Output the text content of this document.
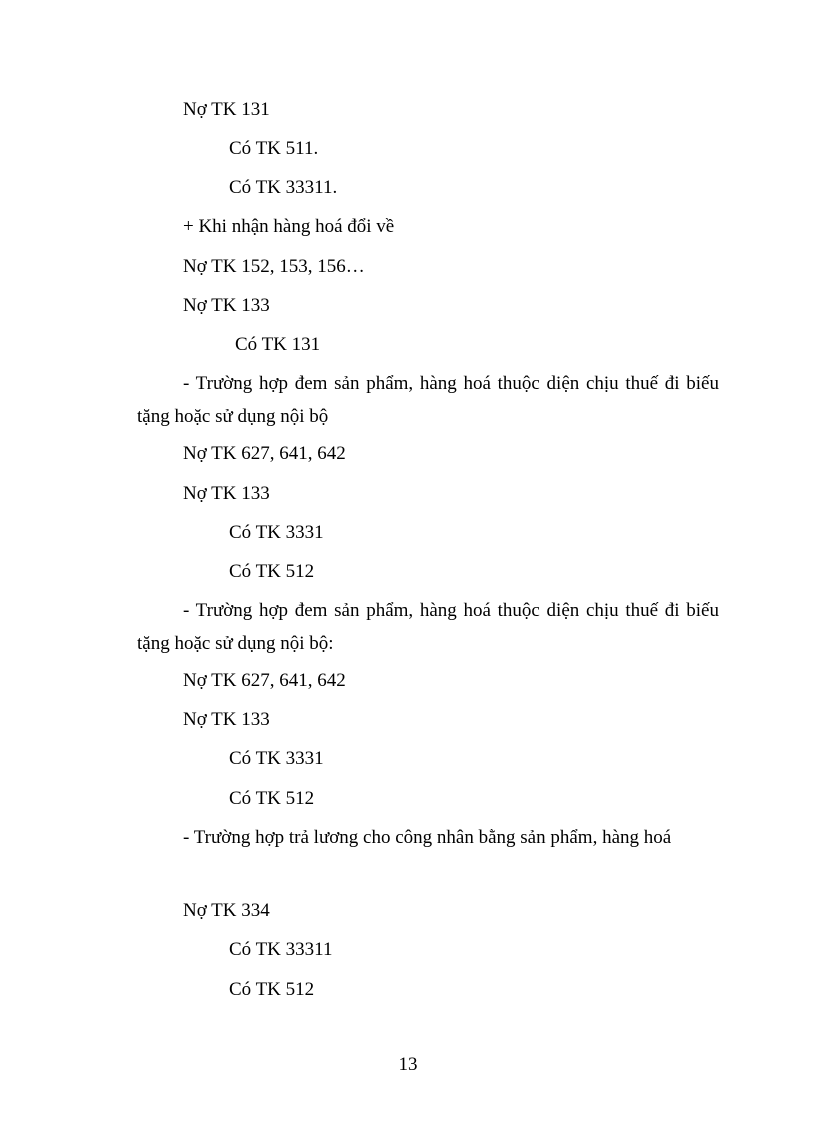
Nợ TK 131

Có TK 511.

Có TK 33311.

+ Khi nhận hàng hoá đổi về

Nợ TK 152, 153, 156…

Nợ TK 133

Có TK 131

- Trường hợp đem sản phẩm, hàng hoá thuộc diện chịu thuế đi biếu tặng hoặc sử dụng nội bộ

Nợ TK 627, 641, 642

Nợ TK 133

Có TK 3331

Có TK 512

- Trường hợp đem sản phẩm, hàng hoá thuộc diện chịu thuế đi biếu tặng hoặc sử dụng nội bộ:

Nợ TK 627, 641, 642

Nợ TK 133

Có TK 3331

Có TK 512

- Trường hợp trả lương cho công nhân bằng sản phẩm, hàng hoá

Nợ TK 334

Có TK 33311

Có TK 512

13
